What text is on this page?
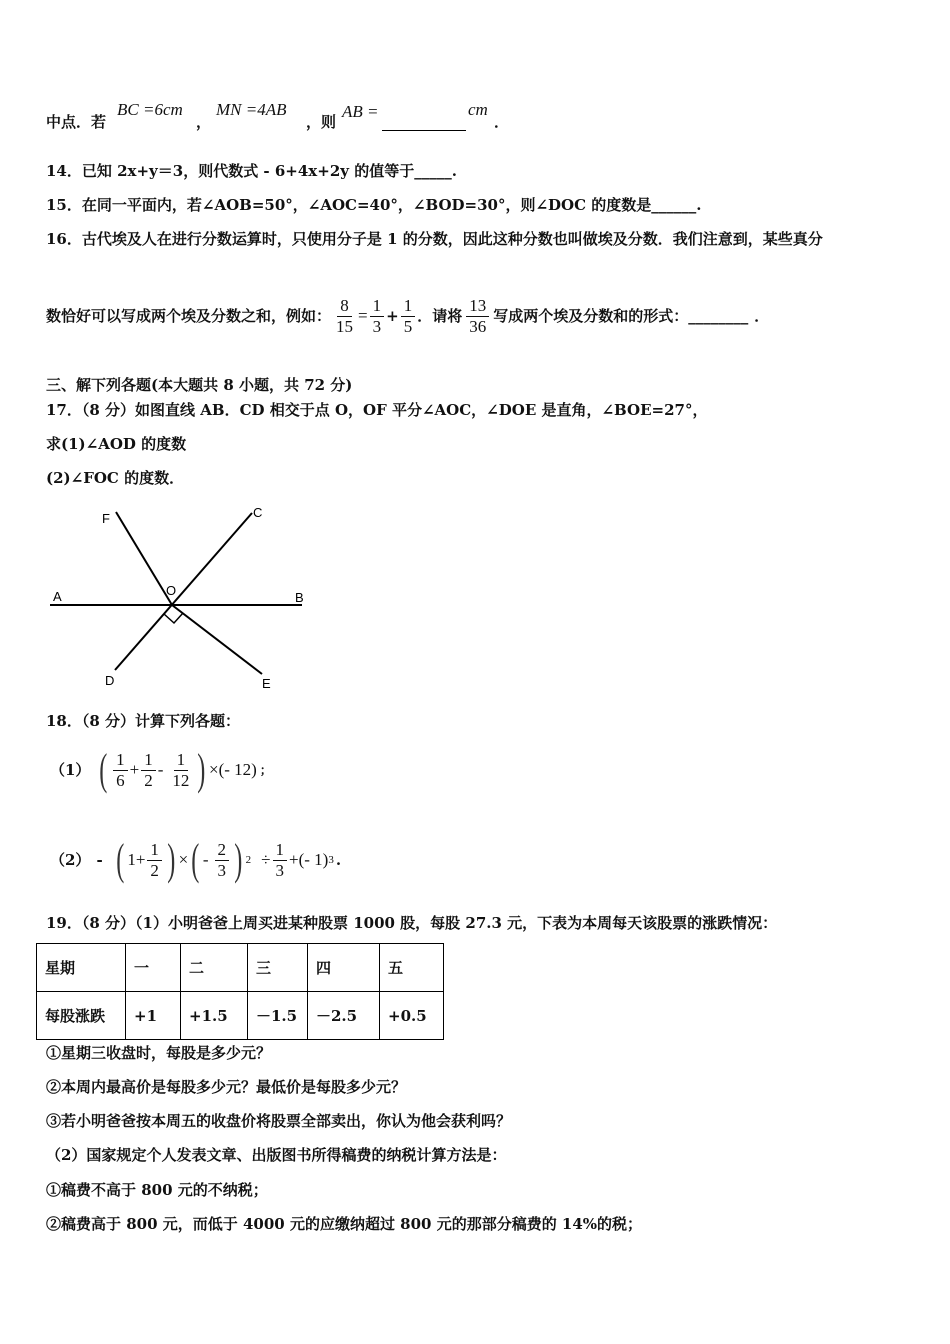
中点．若
BC =6cm
，
MN =4AB
，则
AB =	cm
．
14．已知 2x+y＝3，则代数式 - 6+4x+2y 的值等于_____.
15．在同一平面内，若∠AOB=50°，∠AOC=40°，∠BOD=30°，则∠DOC 的度数是______.
16．古代埃及人在进行分数运算时，只使用分子是 1 的分数，因此这种分数也叫做埃及分数．我们注意到，某些真分
数恰好可以写成两个埃及分数之和，例如： $\frac{8}{15} = \frac{1}{3} + \frac{1}{5}$ ．请将 $\frac{13}{36}$ 写成两个埃及分数和的形式： ________ ．
三、解下列各题(本大题共 8 小题，共 72 分)
17．（8 分）如图直线 AB．CD 相交于点 O，OF 平分∠AOC，∠DOE 是直角，∠BOE=27°，
求(1)∠AOD 的度数
(2)∠FOC 的度数．
F	C
A	O	B
D	E
18．（8 分）计算下列各题：
（1） ( $\frac{1}{6} + \frac{1}{2} - \frac{1}{12}$ ) ×(- 12) ；
（2） - ( $1+ \frac{1}{2}$ ) × ( - $\frac{2}{3}$ ) $2 \div \frac{1}{3}$ + (- 1) 3 .
19．（8 分）（1）小明爸爸上周买进某种股票 1000 股，每股 27.3 元，下表为本周每天该股票的涨跌情况：
星期	一	二	三	四	五
每股涨跌	+1	+1.5	－1.5	－2.5	+0.5
①星期三收盘时，每股是多少元？
②本周内最高价是每股多少元？最低价是每股多少元？
③若小明爸爸按本周五的收盘价将股票全部卖出，你认为他会获利吗？
（2）国家规定个人发表文章、出版图书所得稿费的纳税计算方法是：
①稿费不高于 800 元的不纳税；
②稿费高于 800 元，而低于 4000 元的应缴纳超过 800 元的那部分稿费的 14%的税；
